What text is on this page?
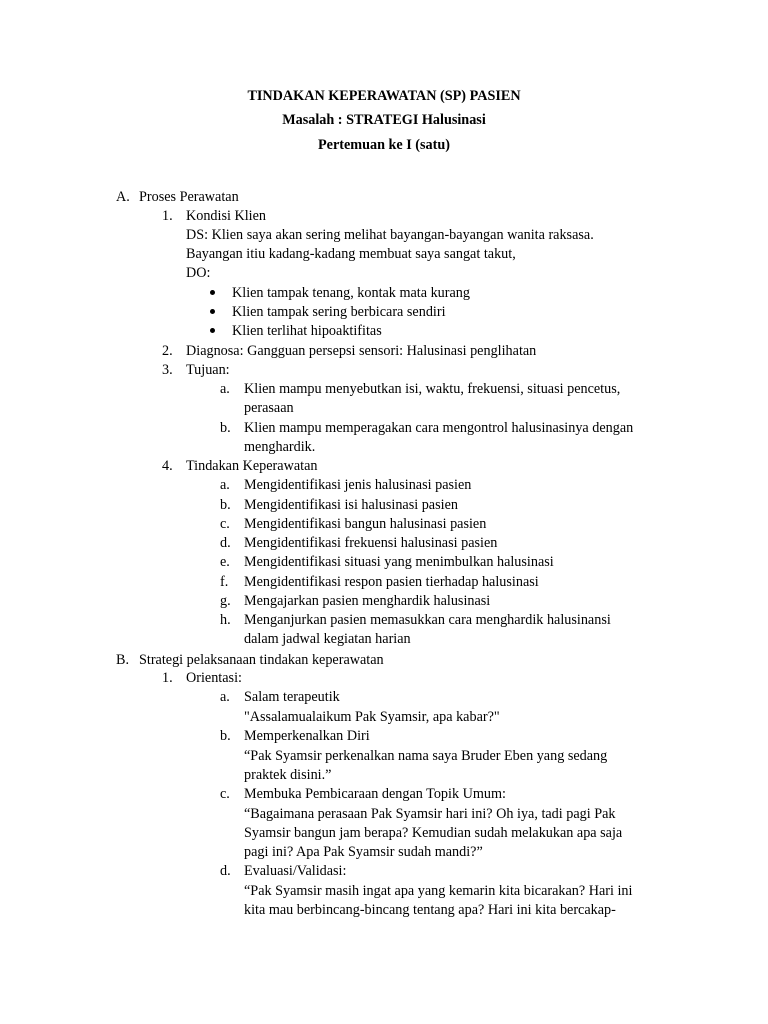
TINDAKAN KEPERAWATAN (SP) PASIEN
Masalah : STRATEGI Halusinasi
Pertemuan ke I (satu)
A. Proses Perawatan
1. Kondisi Klien
DS: Klien saya akan sering melihat bayangan-bayangan wanita raksasa.
Bayangan itiu kadang-kadang membuat saya sangat takut,
DO:
Klien tampak tenang, kontak mata kurang
Klien tampak sering berbicara sendiri
Klien terlihat hipoaktifitas
2. Diagnosa: Gangguan persepsi sensori: Halusinasi penglihatan
3. Tujuan:
a. Klien mampu menyebutkan isi, waktu, frekuensi, situasi pencetus,
perasaan
b. Klien mampu memperagakan cara mengontrol halusinasinya dengan
menghardik.
4. Tindakan Keperawatan
a. Mengidentifikasi jenis halusinasi pasien
b. Mengidentifikasi isi halusinasi pasien
c. Mengidentifikasi bangun halusinasi pasien
d. Mengidentifikasi frekuensi halusinasi pasien
e. Mengidentifikasi situasi yang menimbulkan halusinasi
f. Mengidentifikasi respon pasien tierhadap halusinasi
g. Mengajarkan pasien menghardik halusinasi
h. Menganjurkan pasien memasukkan cara menghardik halusinansi
dalam jadwal kegiatan harian
B. Strategi pelaksanaan tindakan keperawatan
1. Orientasi:
a. Salam terapeutik
"Assalamualaikum Pak Syamsir, apa kabar?"
b. Memperkenalkan Diri
“Pak Syamsir perkenalkan nama saya Bruder Eben yang sedang
praktek disini.”
c. Membuka Pembicaraan dengan Topik Umum:
“Bagaimana perasaan Pak Syamsir hari ini? Oh iya, tadi pagi Pak
Syamsir bangun jam berapa? Kemudian sudah melakukan apa saja
pagi ini? Apa Pak Syamsir sudah mandi?”
d. Evaluasi/Validasi:
“Pak Syamsir masih ingat apa yang kemarin kita bicarakan? Hari ini
kita mau berbincang-bincang tentang apa? Hari ini kita bercakap-
